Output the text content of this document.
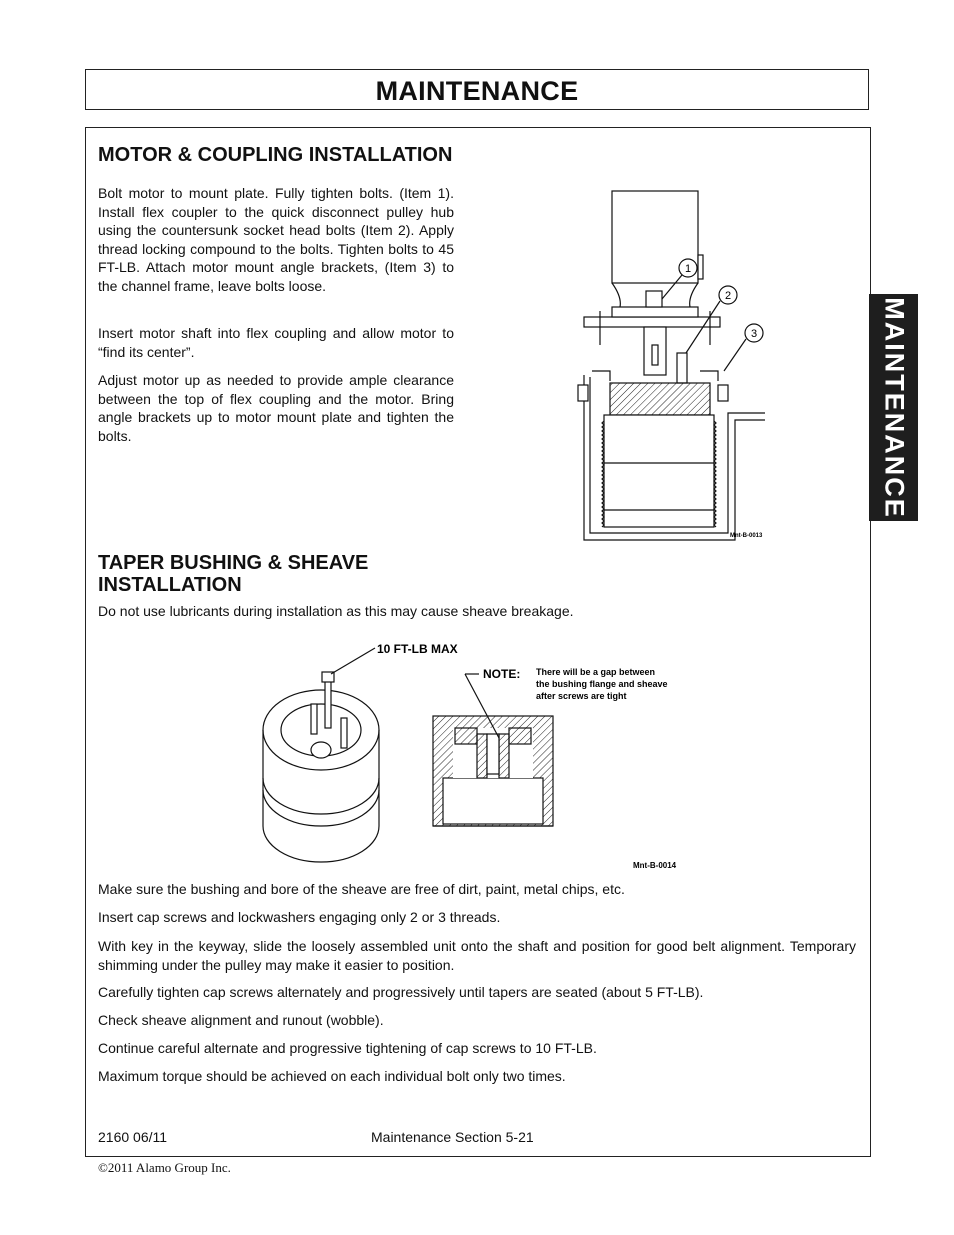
MAINTENANCE
MAINTENANCE
MOTOR & COUPLING INSTALLATION

Bolt motor to mount plate. Fully tighten bolts. (Item 1). Install flex coupler to the quick disconnect pulley hub using the countersunk socket head bolts (Item 2). Apply thread locking compound to the bolts. Tighten bolts to 45 FT-LB. Attach motor mount angle brackets, (Item 3) to the channel frame, leave bolts loose.

Insert motor shaft into flex coupling and allow motor to “find its center”.

Adjust motor up as needed to provide ample clearance between the top of flex coupling and the motor. Bring angle brackets up to motor mount plate and tighten the bolts.

1
2
3
Mnt-B-0013
TAPER BUSHING & SHEAVE
INSTALLATION

Do not use lubricants during installation as this may cause sheave breakage.

10 FT-LB MAX
NOTE: There will be a gap between
the bushing flange and sheave
after screws are tight
Mnt-B-0014

Make sure the bushing and bore of the sheave are free of dirt, paint, metal chips, etc.

Insert cap screws and lockwashers engaging only 2 or 3 threads.

With key in the keyway, slide the loosely assembled unit onto the shaft and position for good belt alignment. Temporary shimming under the pulley may make it easier to position.

Carefully tighten cap screws alternately and progressively until tapers are seated (about 5 FT-LB).

Check sheave alignment and runout (wobble).

Continue careful alternate and progressive tightening of cap screws to 10 FT-LB.

Maximum torque should be achieved on each individual bolt only two times.

2160 06/11	Maintenance Section 5-21
©2011 Alamo Group Inc.
